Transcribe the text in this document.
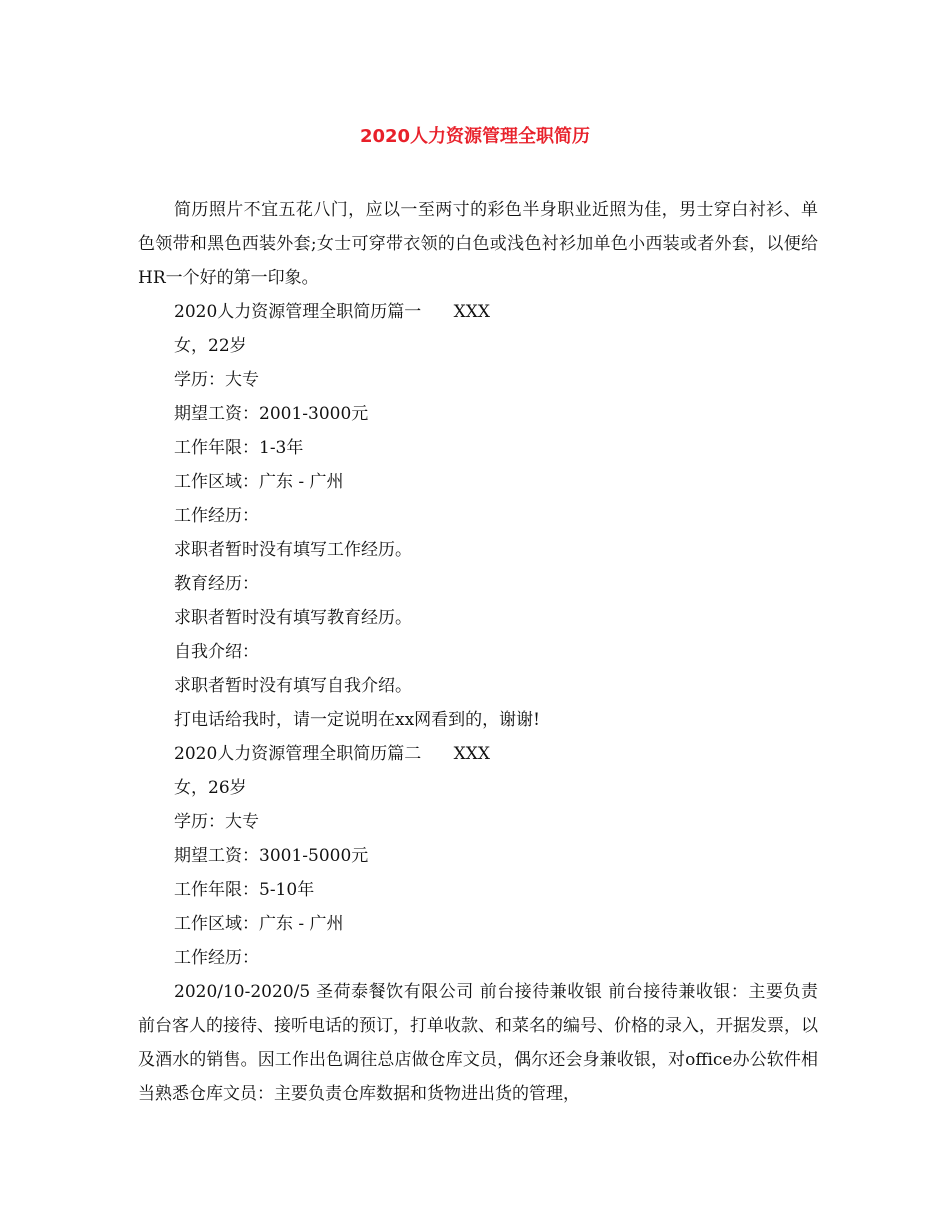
2020人力资源管理全职简历

简历照片不宜五花八门，应以一至两寸的彩色半身职业近照为佳，男士穿白衬衫、单色领带和黑色西装外套;女士可穿带衣领的白色或浅色衬衫加单色小西装或者外套，以便给HR一个好的第一印象。

2020人力资源管理全职简历篇一      XXX

女，22岁

学历：大专

期望工资：2001-3000元

工作年限：1-3年

工作区域：广东 - 广州

工作经历：

求职者暂时没有填写工作经历。

教育经历：

求职者暂时没有填写教育经历。

自我介绍：

求职者暂时没有填写自我介绍。

打电话给我时，请一定说明在xx网看到的，谢谢!

2020人力资源管理全职简历篇二      XXX

女，26岁

学历：大专

期望工资：3001-5000元

工作年限：5-10年

工作区域：广东 - 广州

工作经历：

2020/10-2020/5 圣荷泰餐饮有限公司 前台接待兼收银 前台接待兼收银：主要负责前台客人的接待、接听电话的预订，打单收款、和菜名的编号、价格的录入，开据发票，以及酒水的销售。因工作出色调往总店做仓库文员，偶尔还会身兼收银，对office办公软件相当熟悉仓库文员：主要负责仓库数据和货物进出货的管理，
